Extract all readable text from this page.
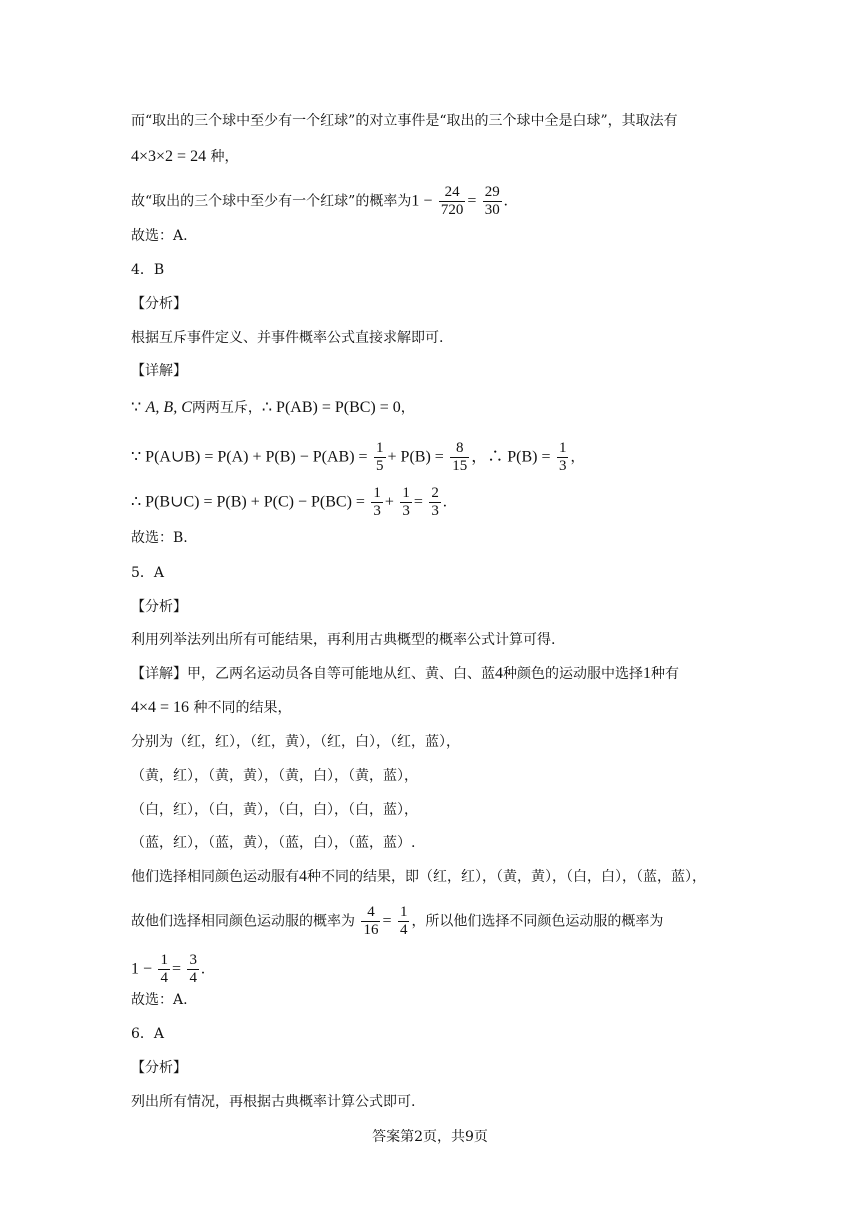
而“取出的三个球中至少有一个红球”的对立事件是“取出的三个球中全是白球”，其取法有
4×3×2 = 24 种，
故“取出的三个球中至少有一个红球”的概率为$1 - \frac{24}{720} = \frac{29}{30}$ .
故选：A.
4．B
【分析】
根据互斥事件定义、并事件概率公式直接求解即可.
【详解】
∵ A, B, C两两互斥，∴ P(AB) = P(BC) = 0，
∵ P(A∪B) = $P(A) + P(B) - P(AB) = \frac{1}{5} + P(B) = \frac{8}{15}$ ，∴ $P(B) = \frac{1}{3}$ ，
∴ P(B∪C) = $P(B) + P(C) - P(BC) = \frac{1}{3} + \frac{1}{3} = \frac{2}{3}$ .
故选：B.
5．A
【分析】
利用列举法列出所有可能结果，再利用古典概型的概率公式计算可得.
【详解】甲，乙两名运动员各自等可能地从红、黄、白、蓝4种颜色的运动服中选择1种有
4×4 = 16 种不同的结果，
分别为（红，红），（红，黄），（红，白），（红，蓝），
（黄，红），（黄，黄），（黄，白），（黄，蓝），
（白，红），（白，黄），（白，白），（白，蓝），
（蓝，红），（蓝，黄），（蓝，白），（蓝，蓝）.
他们选择相同颜色运动服有4种不同的结果，即（红，红），（黄，黄），（白，白），（蓝，蓝），
故他们选择相同颜色运动服的概率为 $\frac{4}{16} = \frac{1}{4}$ ，所以他们选择不同颜色运动服的概率为
$1 - \frac{1}{4} = \frac{3}{4}$ .
故选：A.
6．A
【分析】
列出所有情况，再根据古典概率计算公式即可.
答案第2页，共9页
